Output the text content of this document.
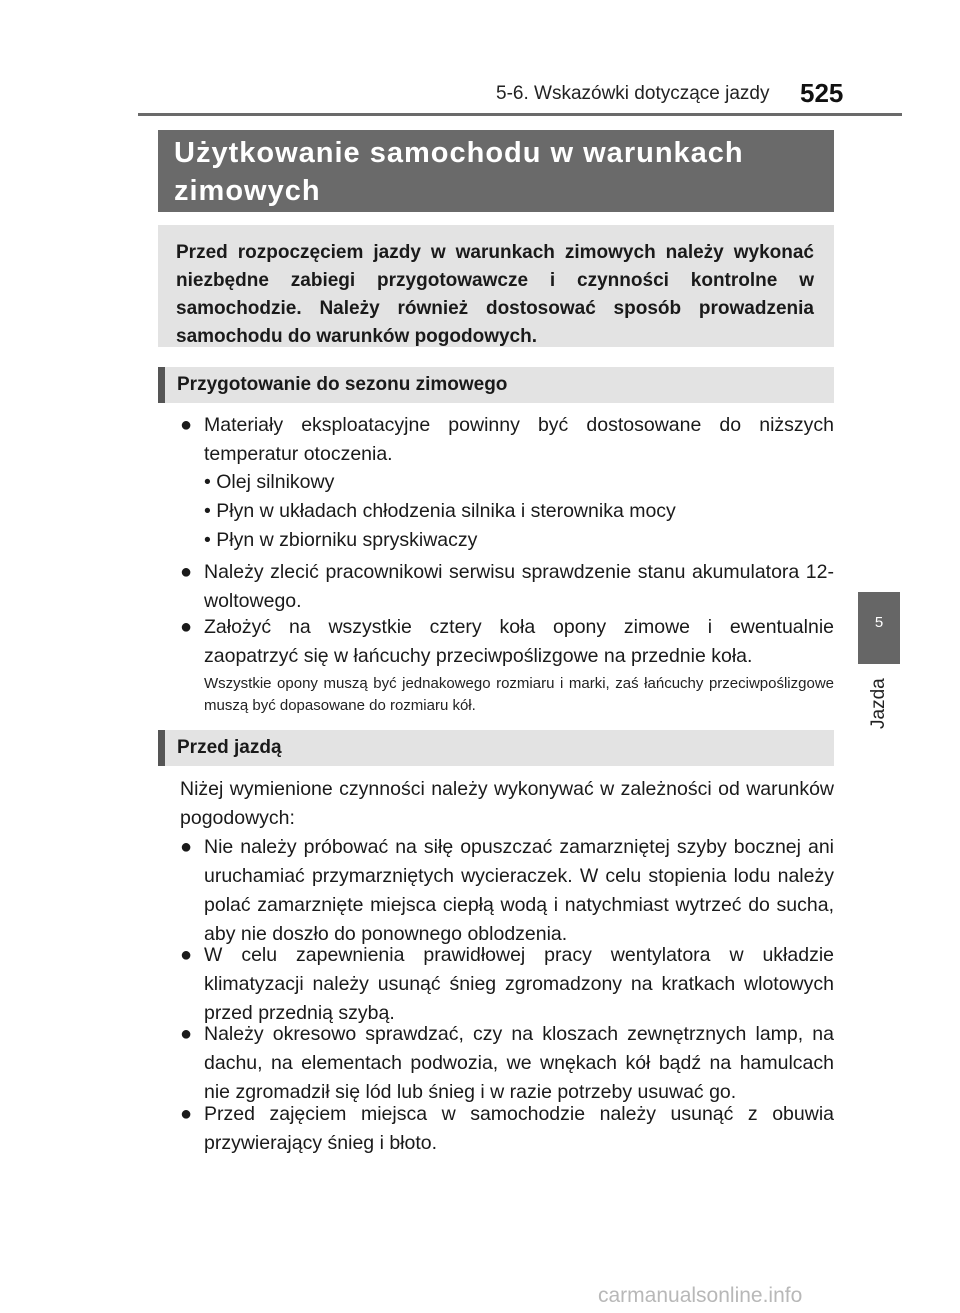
5-6. Wskazówki dotyczące jazdy 525
5
Jazda
Użytkowanie samochodu w warunkach zimowych
Przed rozpoczęciem jazdy w warunkach zimowych należy wykonać niezbędne zabiegi przygotowawcze i czynności kontrolne w samochodzie. Należy również dostosować sposób prowadzenia samochodu do warunków pogodowych.
Przygotowanie do sezonu zimowego
● Materiały eksploatacyjne powinny być dostosowane do niższych temperatur otoczenia.
• Olej silnikowy
• Płyn w układach chłodzenia silnika i sterownika mocy
• Płyn w zbiorniku spryskiwaczy
● Należy zlecić pracownikowi serwisu sprawdzenie stanu akumulatora 12-woltowego.
● Założyć na wszystkie cztery koła opony zimowe i ewentualnie zaopatrzyć się w łańcuchy przeciwpoślizgowe na przednie koła.
Wszystkie opony muszą być jednakowego rozmiaru i marki, zaś łańcuchy przeciwpoślizgowe muszą być dopasowane do rozmiaru kół.
Przed jazdą
Niżej wymienione czynności należy wykonywać w zależności od warunków pogodowych:
● Nie należy próbować na siłę opuszczać zamarzniętej szyby bocznej ani uruchamiać przymarzniętych wycieraczek. W celu stopienia lodu należy polać zamarznięte miejsca ciepłą wodą i natychmiast wytrzeć do sucha, aby nie doszło do ponownego oblodzenia.
● W celu zapewnienia prawidłowej pracy wentylatora w układzie klimatyzacji należy usunąć śnieg zgromadzony na kratkach wlotowych przed przednią szybą.
● Należy okresowo sprawdzać, czy na kloszach zewnętrznych lamp, na dachu, na elementach podwozia, we wnękach kół bądź na hamulcach nie zgromadził się lód lub śnieg i w razie potrzeby usuwać go.
● Przed zajęciem miejsca w samochodzie należy usunąć z obuwia przywierający śnieg i błoto.
carmanualsonline.info
